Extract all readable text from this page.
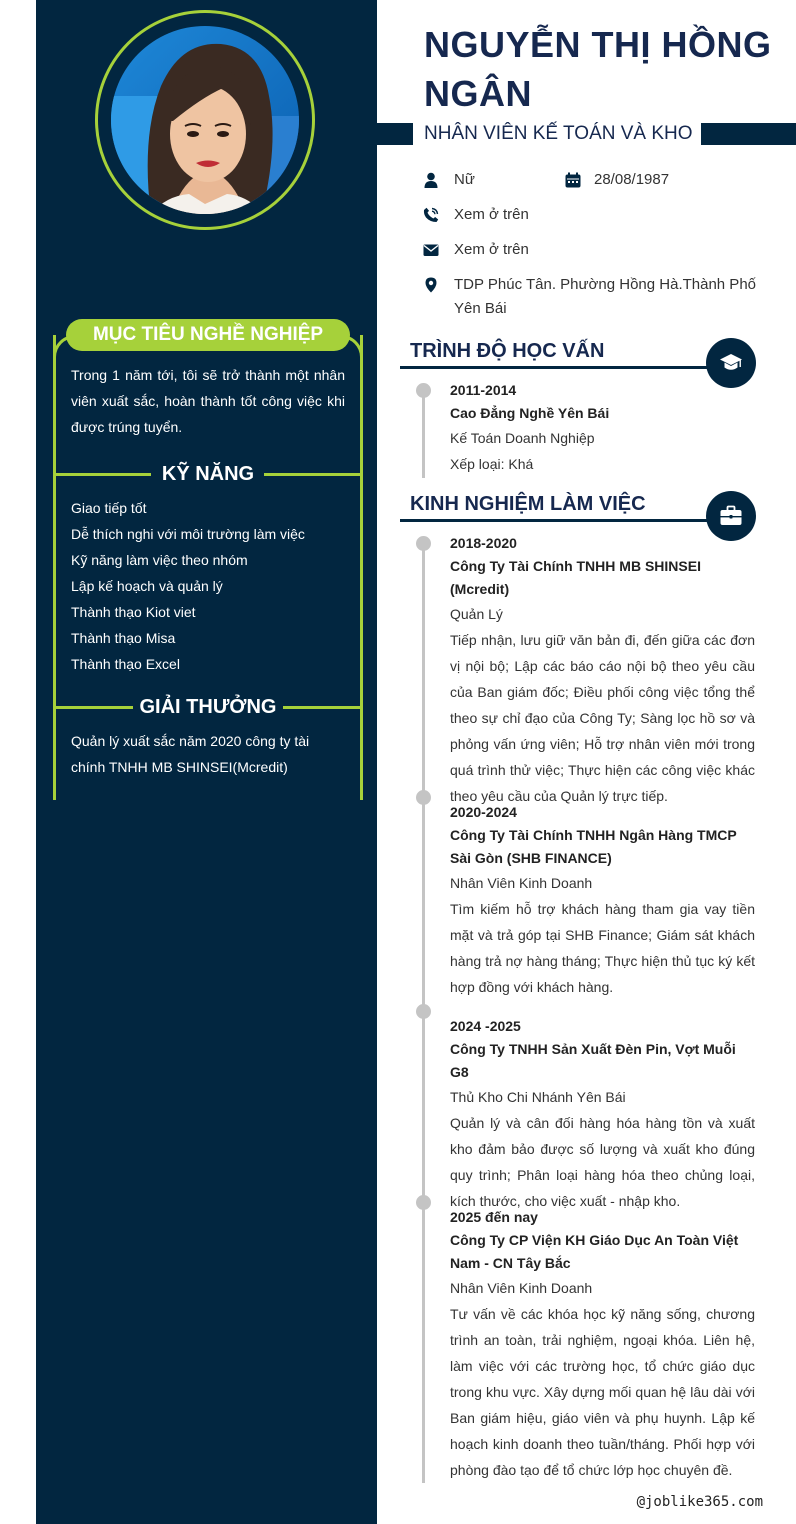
MỤC TIÊU NGHỀ NGHIỆP

Trong 1 năm tới, tôi sẽ trở thành một nhân viên xuất sắc, hoàn thành tốt công việc khi được trúng tuyển.

KỸ NĂNG
Giao tiếp tốt
Dễ thích nghi với môi trường làm việc
Kỹ năng làm việc theo nhóm
Lập kế hoạch và quản lý
Thành thạo Kiot viet
Thành thạo Misa
Thành thạo Excel
GIẢI THƯỞNG

Quản lý xuất sắc năm 2020 công ty tài chính TNHH MB SHINSEI(Mcredit)

NGUYỄN THỊ HỒNG NGÂN
NHÂN VIÊN KẾ TOÁN VÀ KHO
Nữ	28/08/1987
Xem ở trên
Xem ở trên
TDP Phúc Tân. Phường Hồng Hà.Thành Phố Yên Bái
TRÌNH ĐỘ HỌC VẤN
2011-2014
Cao Đẳng Nghề Yên Bái
Kế Toán Doanh Nghiệp
Xếp loại: Khá
KINH NGHIỆM LÀM VIỆC
2018-2020
Công Ty Tài Chính TNHH MB SHINSEI (Mcredit)
Quản Lý
Tiếp nhận, lưu giữ văn bản đi, đến giữa các đơn vị nội bộ; Lập các báo cáo nội bộ theo yêu cầu của Ban giám đốc; Điều phối công việc tổng thể theo sự chỉ đạo của Công Ty; Sàng lọc hồ sơ và phỏng vấn ứng viên; Hỗ trợ nhân viên mới trong quá trình thử việc; Thực hiện các công việc khác theo yêu cầu của Quản lý trực tiếp.
2020-2024
Công Ty Tài Chính TNHH Ngân Hàng TMCP Sài Gòn (SHB FINANCE)
Nhân Viên Kinh Doanh
Tìm kiếm hỗ trợ khách hàng tham gia vay tiền mặt và trả góp tại SHB Finance; Giám sát khách hàng trả nợ hàng tháng; Thực hiện thủ tục ký kết hợp đồng với khách hàng.
2024 -2025
Công Ty TNHH Sản Xuất Đèn Pin, Vợt Muỗi G8
Thủ Kho Chi Nhánh Yên Bái
Quản lý và cân đối hàng hóa hàng tồn và xuất kho đảm bảo được số lượng và xuất kho đúng quy trình; Phân loại hàng hóa theo chủng loại, kích thước, cho việc xuất - nhập kho.
2025 đến nay
Công Ty CP Viện KH Giáo Dục An Toàn Việt Nam - CN Tây Bắc
Nhân Viên Kinh Doanh
Tư vấn về các khóa học kỹ năng sống, chương trình an toàn, trải nghiệm, ngoại khóa. Liên hệ, làm việc với các trường học, tổ chức giáo dục trong khu vực. Xây dựng mối quan hệ lâu dài với Ban giám hiệu, giáo viên và phụ huynh. Lập kế hoạch kinh doanh theo tuần/tháng. Phối hợp với phòng đào tạo để tổ chức lớp học chuyên đề.
@joblike365.com
